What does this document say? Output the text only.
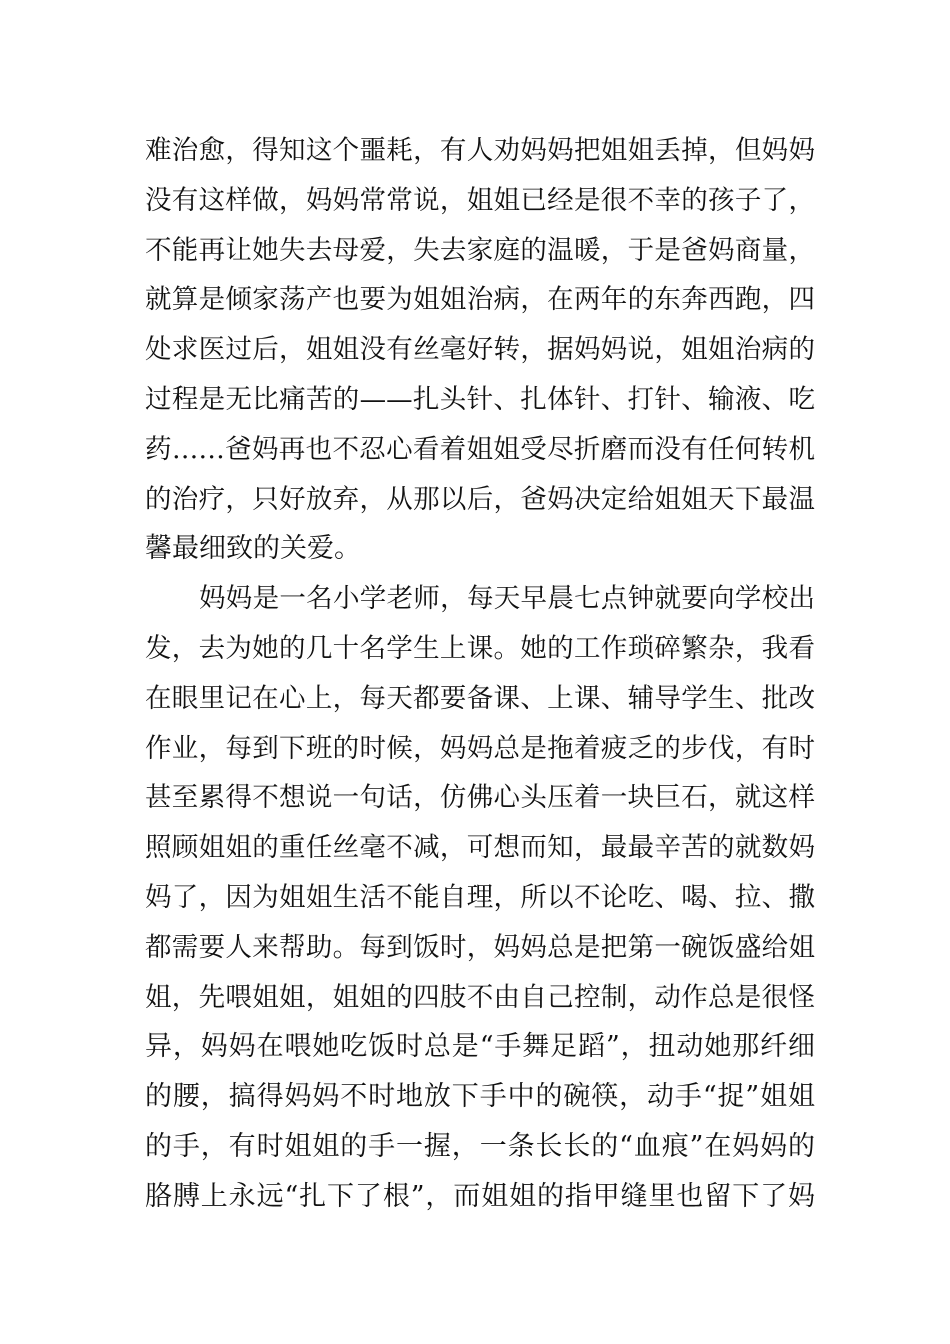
难治愈，得知这个噩耗，有人劝妈妈把姐姐丢掉，但妈妈
没有这样做，妈妈常常说，姐姐已经是很不幸的孩子了，
不能再让她失去母爱，失去家庭的温暖，于是爸妈商量，
就算是倾家荡产也要为姐姐治病，在两年的东奔西跑，四
处求医过后，姐姐没有丝毫好转，据妈妈说，姐姐治病的
过程是无比痛苦的——扎头针、扎体针、打针、输液、吃
药……爸妈再也不忍心看着姐姐受尽折磨而没有任何转机
的治疗，只好放弃，从那以后，爸妈决定给姐姐天下最温
馨最细致的关爱。
妈妈是一名小学老师，每天早晨七点钟就要向学校出
发，去为她的几十名学生上课。她的工作琐碎繁杂，我看
在眼里记在心上，每天都要备课、上课、辅导学生、批改
作业，每到下班的时候，妈妈总是拖着疲乏的步伐，有时
甚至累得不想说一句话，仿佛心头压着一块巨石，就这样
照顾姐姐的重任丝毫不减，可想而知，最最辛苦的就数妈
妈了，因为姐姐生活不能自理，所以不论吃、喝、拉、撒
都需要人来帮助。每到饭时，妈妈总是把第一碗饭盛给姐
姐，先喂姐姐，姐姐的四肢不由自己控制，动作总是很怪
异，妈妈在喂她吃饭时总是“手舞足蹈”，扭动她那纤细
的腰，搞得妈妈不时地放下手中的碗筷，动手“捉”姐姐
的手，有时姐姐的手一握，一条长长的“血痕”在妈妈的
胳膊上永远“扎下了根”，而姐姐的指甲缝里也留下了妈
